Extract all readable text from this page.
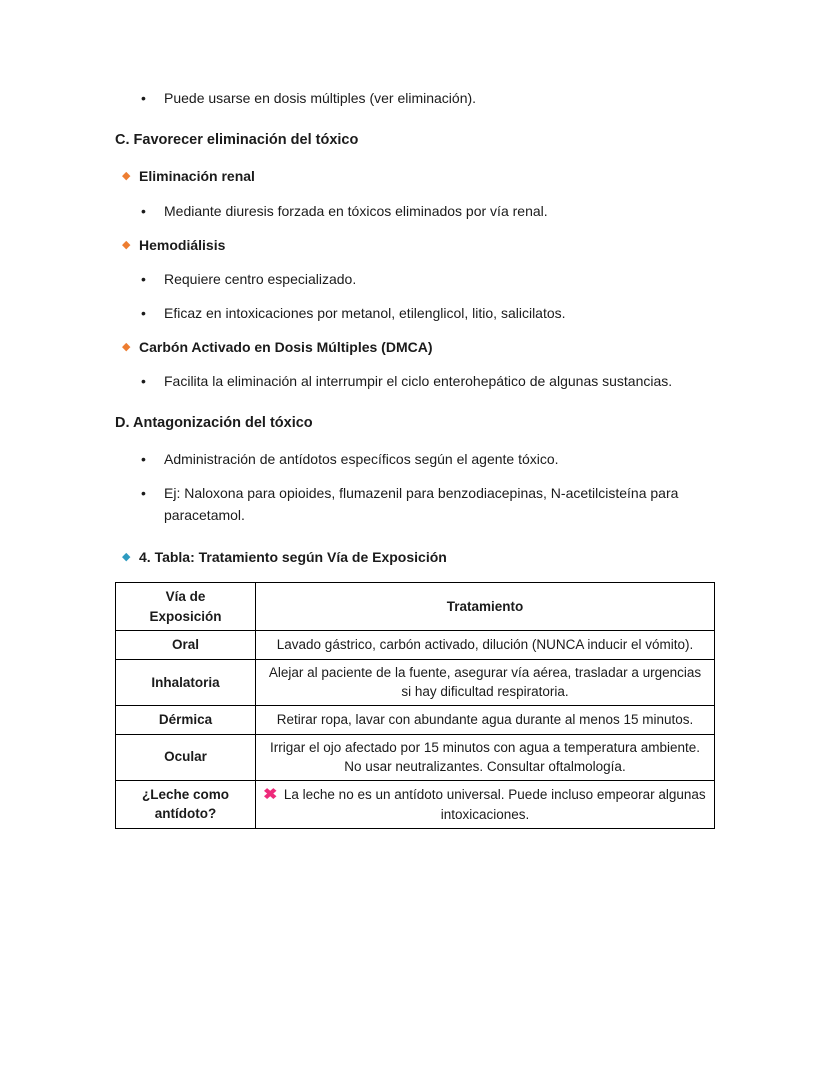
•	Puede usarse en dosis múltiples (ver eliminación).
C. Favorecer eliminación del tóxico
◆ Eliminación renal
•	Mediante diuresis forzada en tóxicos eliminados por vía renal.
◆ Hemodiálisis
•	Requiere centro especializado.
•	Eficaz en intoxicaciones por metanol, etilenglicol, litio, salicilatos.
◆ Carbón Activado en Dosis Múltiples (DMCA)
•	Facilita la eliminación al interrumpir el ciclo enterohepático de algunas sustancias.
D. Antagonización del tóxico
•	Administración de antídotos específicos según el agente tóxico.
•	Ej: Naloxona para opioides, flumazenil para benzodiacepinas, N-acetilcisteína para paracetamol.
◆ 4. Tabla: Tratamiento según Vía de Exposición
Vía de Exposición	Tratamiento
Oral	Lavado gástrico, carbón activado, dilución (NUNCA inducir el vómito).
Inhalatoria	Alejar al paciente de la fuente, asegurar vía aérea, trasladar a urgencias si hay dificultad respiratoria.
Dérmica	Retirar ropa, lavar con abundante agua durante al menos 15 minutos.
Ocular	Irrigar el ojo afectado por 15 minutos con agua a temperatura ambiente. No usar neutralizantes. Consultar oftalmología.
¿Leche como antídoto?	✖ La leche no es un antídoto universal. Puede incluso empeorar algunas intoxicaciones.
